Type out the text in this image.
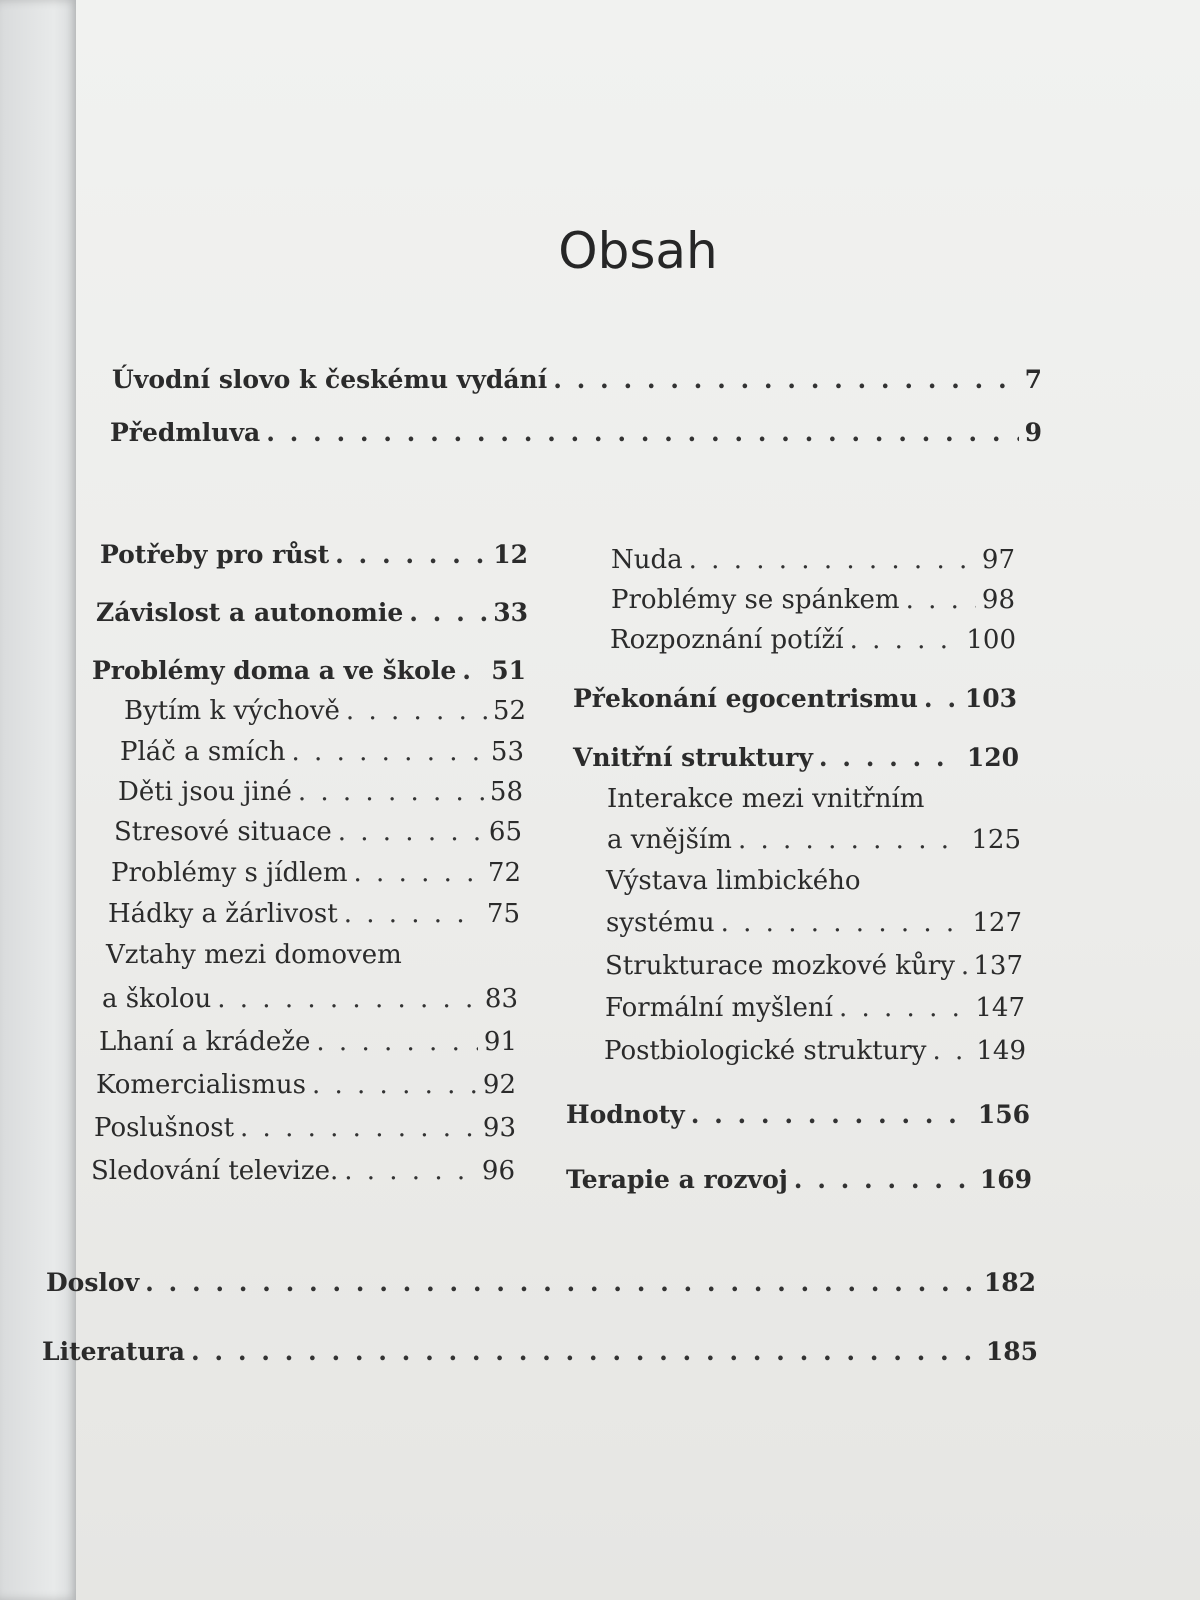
Obsah
Úvodní slovo k českému vydání . . .	7
Předmluva . . .	9
Potřeby pro růst . . .	12
Závislost a autonomie . . .	33
Problémy doma a ve škole . . . 51
Bytím k výchově . . .	52
Pláč a smích . . .	53
Děti jsou jiné . . .	58
Stresové situace . . .	65
Problémy s jídlem . . .	72
Hádky a žárlivost . . .	75
Vztahy mezi domovem
a školou . . .	83
Lhaní a krádeže . . .	91
Komercialismus . . .	92
Poslušnost . . .	93
Sledování televize. . . .	96
Nuda . . .	97
Problémy se spánkem . . .	98
Rozpoznání potíží . . .	100
Překonání egocentrismu . . . 103
Vnitřní struktury . . .	120
Interakce mezi vnitřním
a vnějším . . .	125
Výstava limbického
systému . . .	127
Strukturace mozkové kůry . . . 137
Formální myšlení . . .	147
Postbiologické struktury . . . 149
Hodnoty . . .	156
Terapie a rozvoj . . .	169
Doslov . . .	182
Literatura . . .	185
